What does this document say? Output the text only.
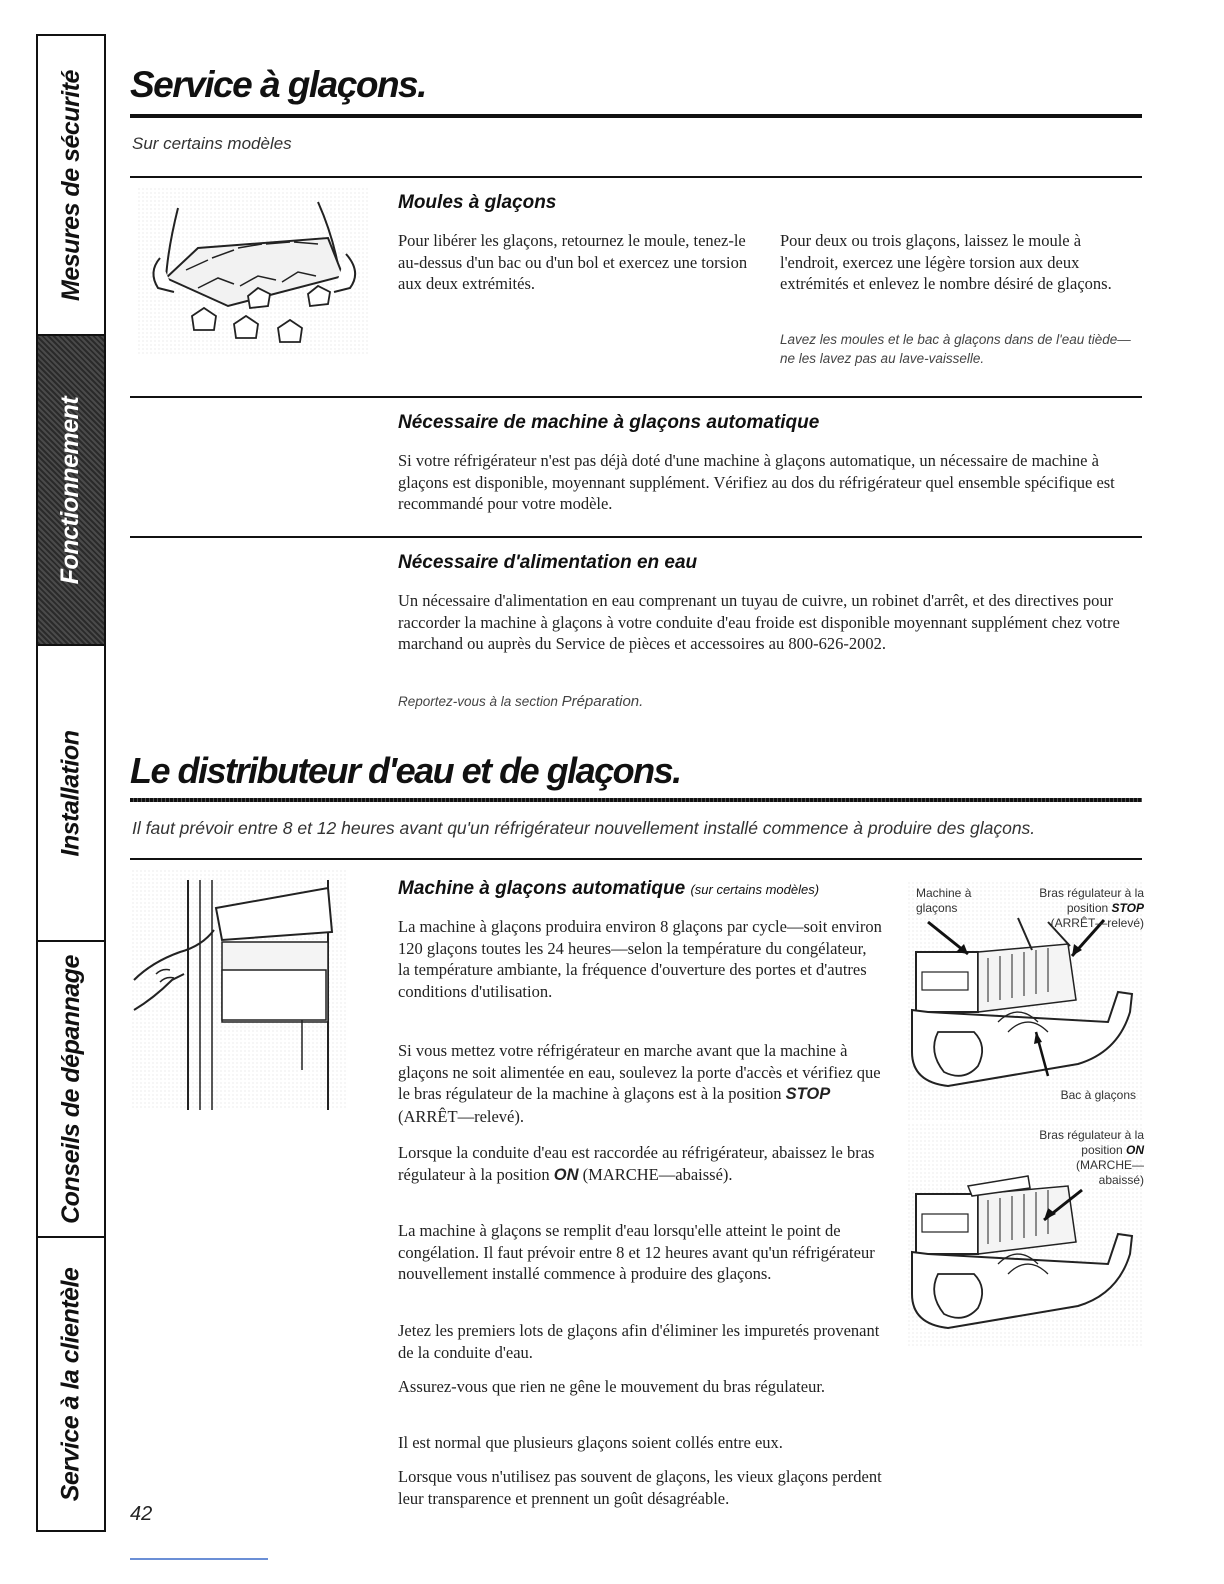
Mesures de sécurité
Fonctionnement
Installation
Conseils de dépannage
Service à la clientèle
Service à glaçons.

Sur certains modèles

Moules à glaçons

Pour libérer les glaçons, retournez le moule, tenez-le au-dessus d'un bac ou d'un bol et exercez une torsion aux deux extrémités.

Pour deux ou trois glaçons, laissez le moule à l'endroit, exercez une légère torsion aux deux extrémités et enlevez le nombre désiré de glaçons.

Lavez les moules et le bac à glaçons dans de l'eau tiède—ne les lavez pas au lave-vaisselle.

Nécessaire de machine à glaçons automatique

Si votre réfrigérateur n'est pas déjà doté d'une machine à glaçons automatique, un nécessaire de machine à glaçons est disponible, moyennant supplément. Vérifiez au dos du réfrigérateur quel ensemble spécifique est recommandé pour votre modèle.

Nécessaire d'alimentation en eau

Un nécessaire d'alimentation en eau comprenant un tuyau de cuivre, un robinet d'arrêt, et des directives pour raccorder la machine à glaçons à votre conduite d'eau froide est disponible moyennant supplément chez votre marchand ou auprès du Service de pièces et accessoires au 800-626-2002.

Reportez-vous à la section Préparation.

Le distributeur d'eau et de glaçons.

Il faut prévoir entre 8 et 12 heures avant qu'un réfrigérateur nouvellement installé commence à produire des glaçons.

Machine à glaçons automatique (sur certains modèles)

La machine à glaçons produira environ 8 glaçons par cycle—soit environ 120 glaçons toutes les 24 heures—selon la température du congélateur, la température ambiante, la fréquence d'ouverture des portes et d'autres conditions d'utilisation.

Si vous mettez votre réfrigérateur en marche avant que la machine à glaçons ne soit alimentée en eau, soulevez la porte d'accès et vérifiez que le bras régulateur de la machine à glaçons est à la position STOP (ARRÊT—relevé).

Lorsque la conduite d'eau est raccordée au réfrigérateur, abaissez le bras régulateur à la position ON (MARCHE—abaissé).

La machine à glaçons se remplit d'eau lorsqu'elle atteint le point de congélation. Il faut prévoir entre 8 et 12 heures avant qu'un réfrigérateur nouvellement installé commence à produire des glaçons.

Jetez les premiers lots de glaçons afin d'éliminer les impuretés provenant de la conduite d'eau.

Assurez-vous que rien ne gêne le mouvement du bras régulateur.

Il est normal que plusieurs glaçons soient collés entre eux.

Lorsque vous n'utilisez pas souvent de glaçons, les vieux glaçons perdent leur transparence et prennent un goût désagréable.

Machine à glaçons

Bras régulateur à la position STOP (ARRÊT—relevé)

Bac à glaçons

Bras régulateur à la position ON (MARCHE—abaissé)

42
